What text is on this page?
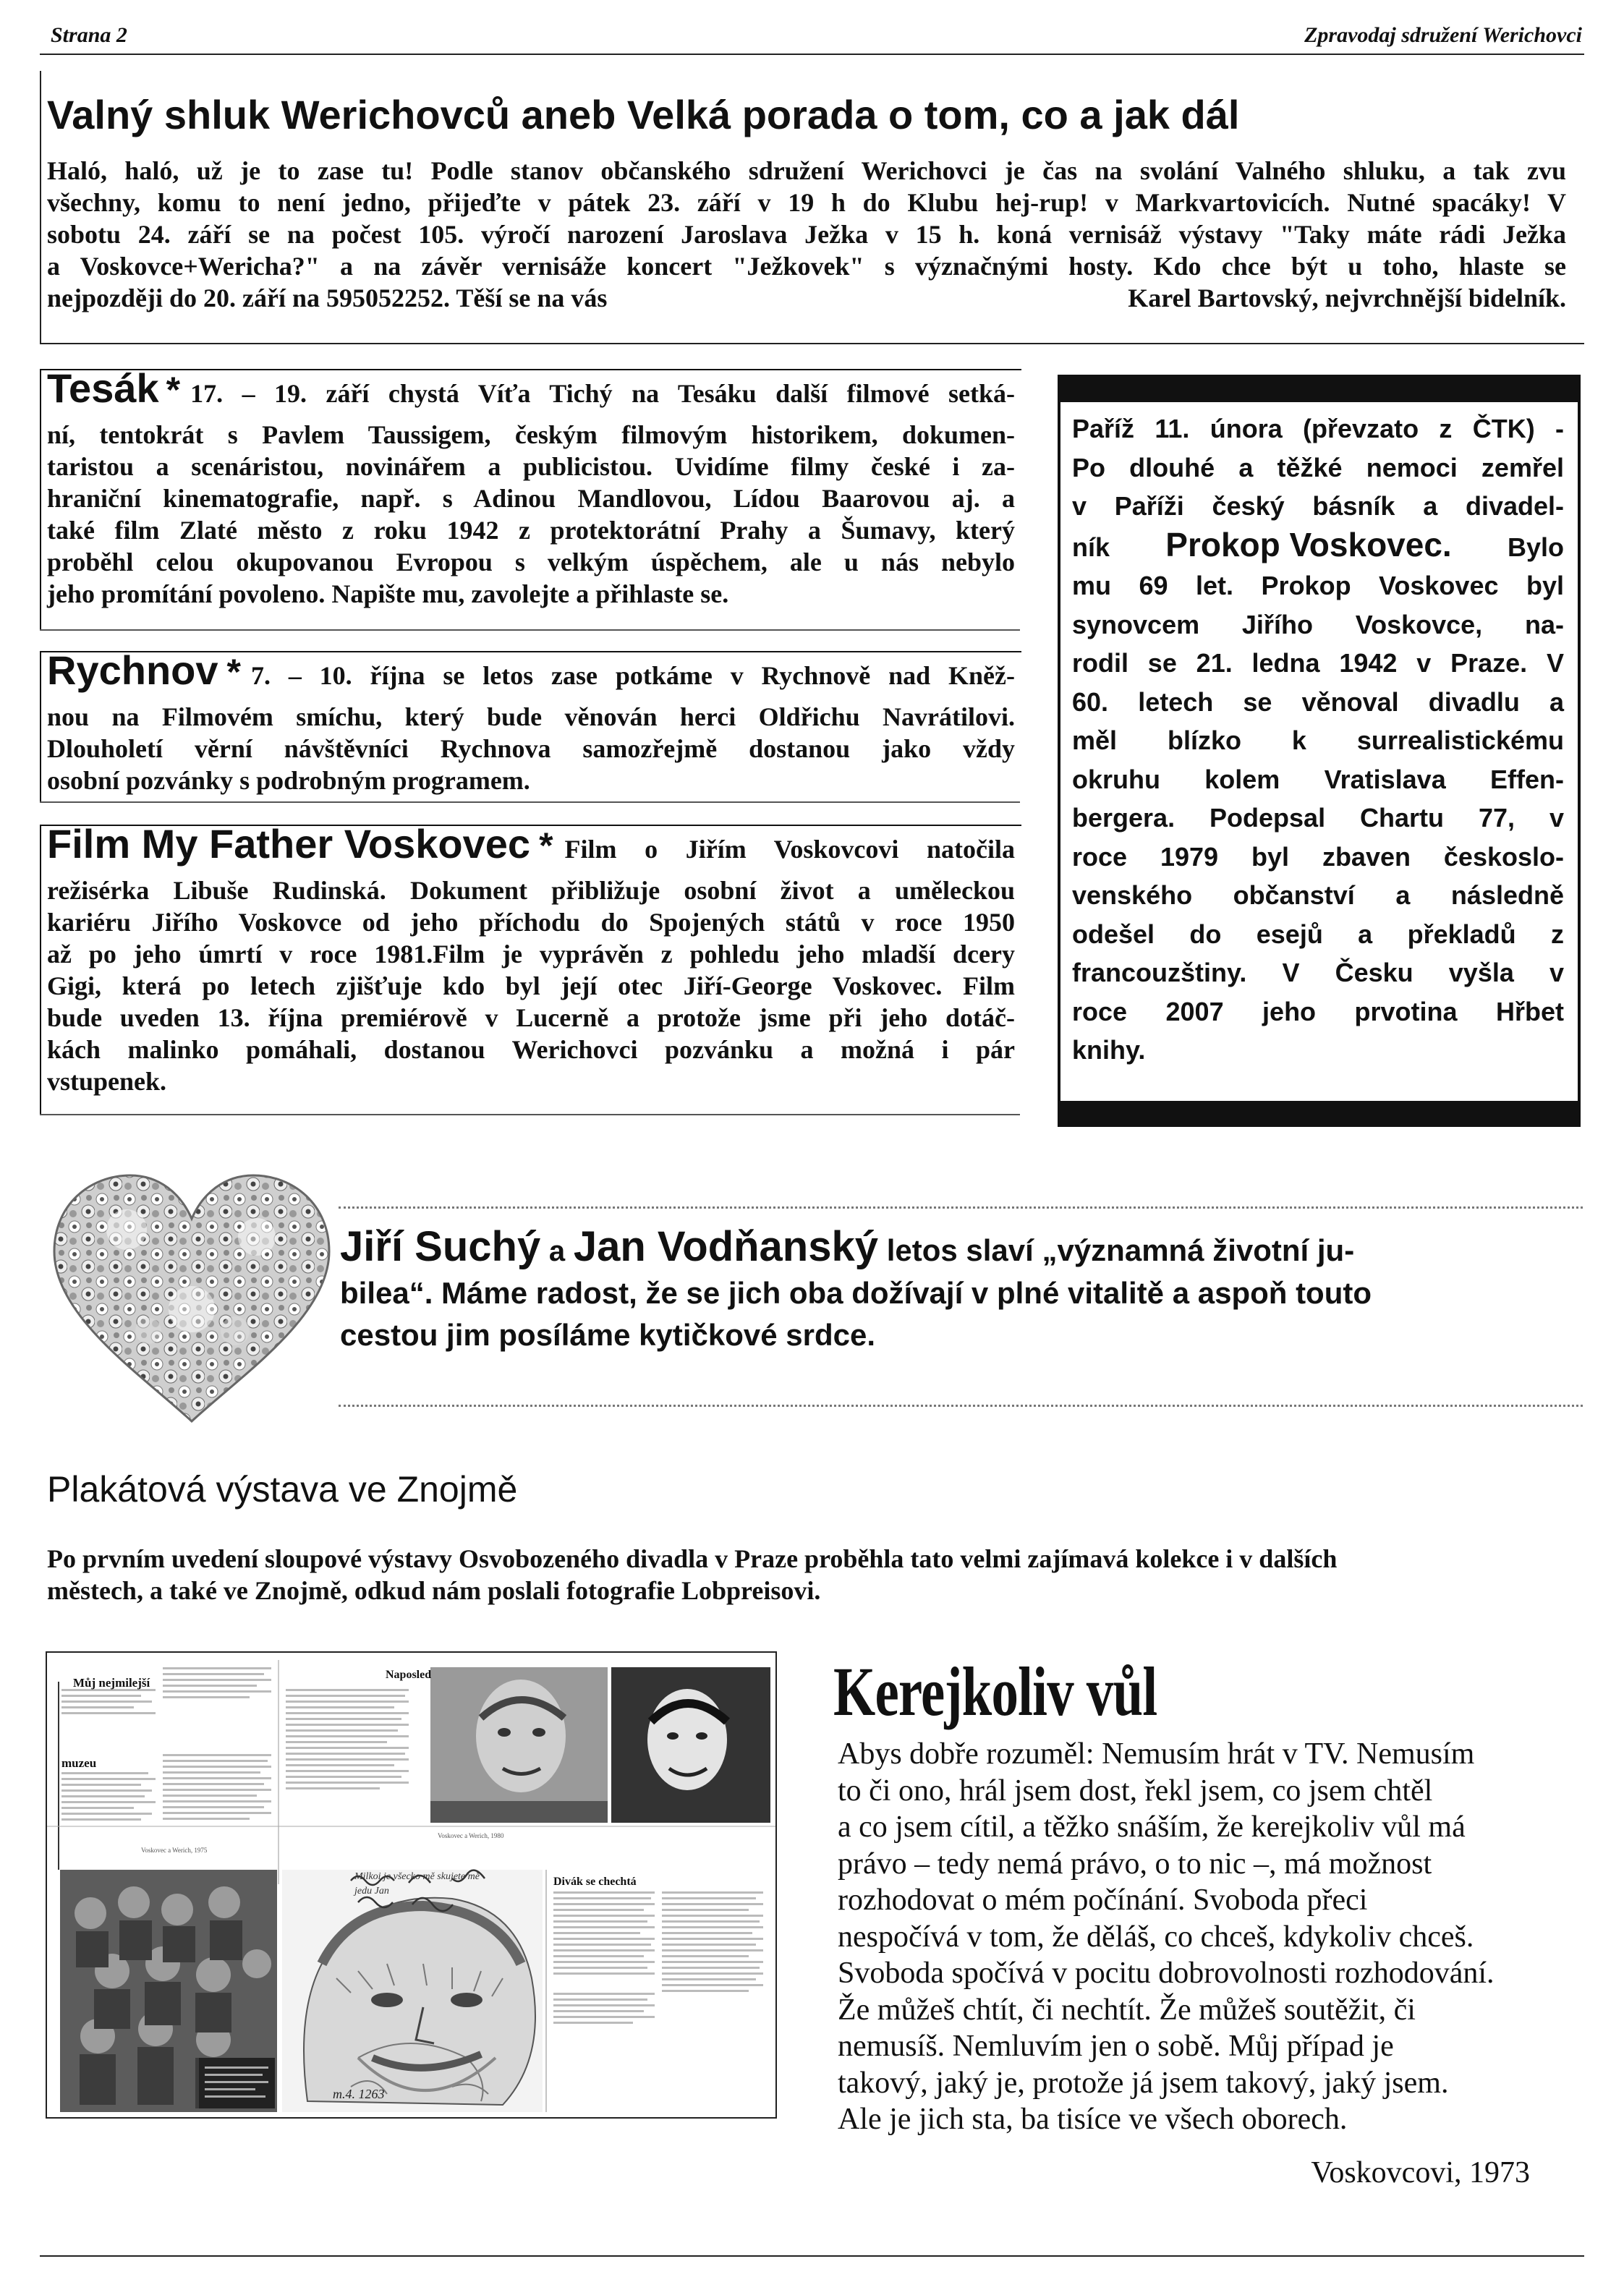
Strana 2	Zpravodaj sdružení Werichovci
Valný shluk Werichovců aneb Velká porada o tom, co a jak dál

Haló, haló, už je to zase tu! Podle stanov občanského sdružení Werichovci je čas na svolání Valného shluku, a tak zvu

všechny, komu to není jedno, přijeďte v pátek 23. září v 19 h do Klubu hej-rup! v Markvartovicích. Nutné spacáky! V

sobotu 24. září se na počest 105. výročí narození Jaroslava Ježka v 15 h. koná vernisáž výstavy "Taky máte rádi Ježka

a Voskovce+Wericha?" a na závěr vernisáže koncert "Ježkovek" s význačnými hosty. Kdo chce být u toho, hlaste se

nejpozději do 20. září na 595052252. Těší se na vás	Karel Bartovský, nejvrchnější bidelník.
Tesák * 17. – 19. září chystá Víťa Tichý na Tesáku další filmové setká-

ní, tentokrát s Pavlem Taussigem, českým filmovým historikem, dokumen-

taristou a scenáristou, novinářem a publicistou. Uvidíme filmy české i za-

hraniční kinematografie, např. s Adinou Mandlovou, Lídou Baarovou aj. a

také film Zlaté město z roku 1942 z protektorátní Prahy a Šumavy, který

proběhl celou okupovanou Evropou s velkým úspěchem, ale u nás nebylo

jeho promítání povoleno. Napište mu, zavolejte a přihlaste se.

Rychnov * 7. – 10. října se letos zase potkáme v Rychnově nad Kněž-

nou na Filmovém smíchu, který bude věnován herci Oldřichu Navrátilovi.

Dlouholetí věrní návštěvníci Rychnova samozřejmě dostanou jako vždy

osobní pozvánky s podrobným programem.

Film My Father Voskovec * Film o Jiřím Voskovcovi natočila

režisérka Libuše Rudinská. Dokument přibližuje osobní život a uměleckou

kariéru Jiřího Voskovce od jeho příchodu do Spojených států v roce 1950

až po jeho úmrtí v roce 1981.Film je vyprávěn z pohledu jeho mladší dcery

Gigi, která po letech zjišťuje kdo byl její otec Jiří-George Voskovec. Film

bude uveden 13. října premiérově v Lucerně a protože jsme při jeho dotáč-

kách malinko pomáhali, dostanou Werichovci pozvánku a možná i pár

vstupenek.

Paříž 11. února (převzato z ČTK) -

Po dlouhé a těžké nemoci zemřel

v Paříži český básník a divadel-

ník Prokop Voskovec. Bylo

mu 69 let. Prokop Voskovec byl

synovcem Jiřího Voskovce, na-

rodil se 21. ledna 1942 v Praze. V

60. letech se věnoval divadlu a

měl blízko k surrealistickému

okruhu kolem Vratislava Effen-

bergera. Podepsal Chartu 77, v

roce 1979 byl zbaven českoslo-

venského občanství a následně

odešel do esejů a překladů z

francouzštiny. V Česku vyšla v

roce 2007 jeho prvotina Hřbet

knihy.

Jiří Suchý a Jan Vodňanský letos slaví „významná životní ju-
bilea“. Máme radost, že se jich oba dožívají v plné vitalitě a aspoň touto
cestou jim posíláme kytičkové srdce.
Plakátová výstava ve Znojmě
Po prvním uvedení sloupové výstavy Osvobozeného divadla v Praze proběhla tato velmi zajímavá kolekce i v dalších
městech, a také ve Znojmě, odkud nám poslali fotografie Lobpreisovi.
Můj nejmilejší
muzeu
Naposled
Divák se chechtá
Voskovec a Werich, 1975
Voskovec a Werich, 1980
m.4. 1263
Milkoi je všecko mě skujete mě jedu Jan
Kerejkoliv vůl

Abys dobře rozuměl: Nemusím hrát v TV. Nemusím

to či ono, hrál jsem dost, řekl jsem, co jsem chtěl

a co jsem cítil, a těžko snáším, že kerejkoliv vůl má

právo – tedy nemá právo, o to nic –, má možnost

rozhodovat o mém počínání. Svoboda přeci

nespočívá v tom, že děláš, co chceš, kdykoliv chceš.

Svoboda spočívá v pocitu dobrovolnosti rozhodování.

Že můžeš chtít, či nechtít. Že můžeš soutěžit, či

nemusíš. Nemluvím jen o sobě. Můj případ je

takový, jaký je, protože já jsem takový, jaký jsem.

Ale je jich sta, ba tisíce ve všech oborech.

Voskovcovi, 1973
